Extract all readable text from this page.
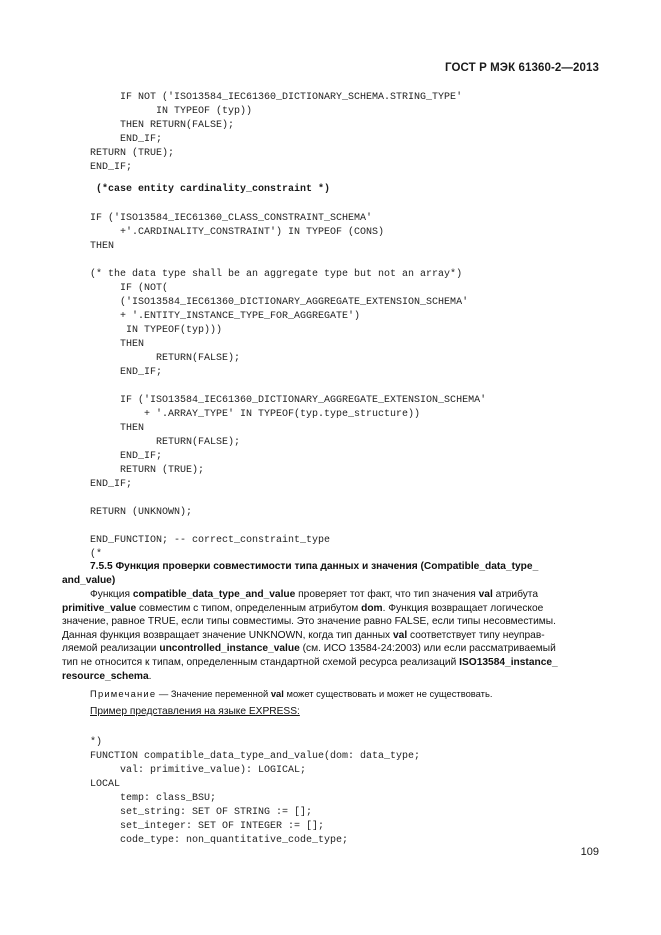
ГОСТ Р МЭК 61360-2—2013
IF NOT ('ISO13584_IEC61360_DICTIONARY_SCHEMA.STRING_TYPE'
IN TYPEOF (typ))
THEN RETURN(FALSE);
END_IF;
RETURN (TRUE);
END_IF;
(*case entity cardinality_constraint *)
IF ('ISO13584_IEC61360_CLASS_CONSTRAINT_SCHEMA'
+'.CARDINALITY_CONSTRAINT') IN TYPEOF (CONS)
THEN

(* the data type shall be an aggregate type but not an array*)
IF (NOT(
('ISO13584_IEC61360_DICTIONARY_AGGREGATE_EXTENSION_SCHEMA'
+ '.ENTITY_INSTANCE_TYPE_FOR_AGGREGATE')
IN TYPEOF(typ)))
THEN
RETURN(FALSE);
END_IF;

IF ('ISO13584_IEC61360_DICTIONARY_AGGREGATE_EXTENSION_SCHEMA'
+ '.ARRAY_TYPE' IN TYPEOF(typ.type_structure))
THEN
RETURN(FALSE);
END_IF;
RETURN (TRUE);
END_IF;

RETURN (UNKNOWN);

END_FUNCTION; -- correct_constraint_type
(*
7.5.5 Функция проверки совместимости типа данных и значения (Compatible_data_type_
and_value)
Функция compatible_data_type_and_value проверяет тот факт, что тип значения val атрибута
primitive_value совместим с типом, определенным атрибутом dom. Функция возвращает логическое
значение, равное TRUE, если типы совместимы. Это значение равно FALSE, если типы несовместимы.
Данная функция возвращает значение UNKNOWN, когда тип данных val соответствует типу неуправ-
ляемой реализации uncontrolled_instance_value (см. ИСО 13584-24:2003) или если рассматриваемый
тип не относится к типам, определенным стандартной схемой ресурса реализаций ISO13584_instance_
resource_schema.
Примечание — Значение переменной val может существовать и может не существовать.
Пример представления на языке EXPRESS:
*)
FUNCTION compatible_data_type_and_value(dom: data_type;
val: primitive_value): LOGICAL;
LOCAL
temp: class_BSU;
set_string: SET OF STRING := [];
set_integer: SET OF INTEGER := [];
code_type: non_quantitative_code_type;
109
